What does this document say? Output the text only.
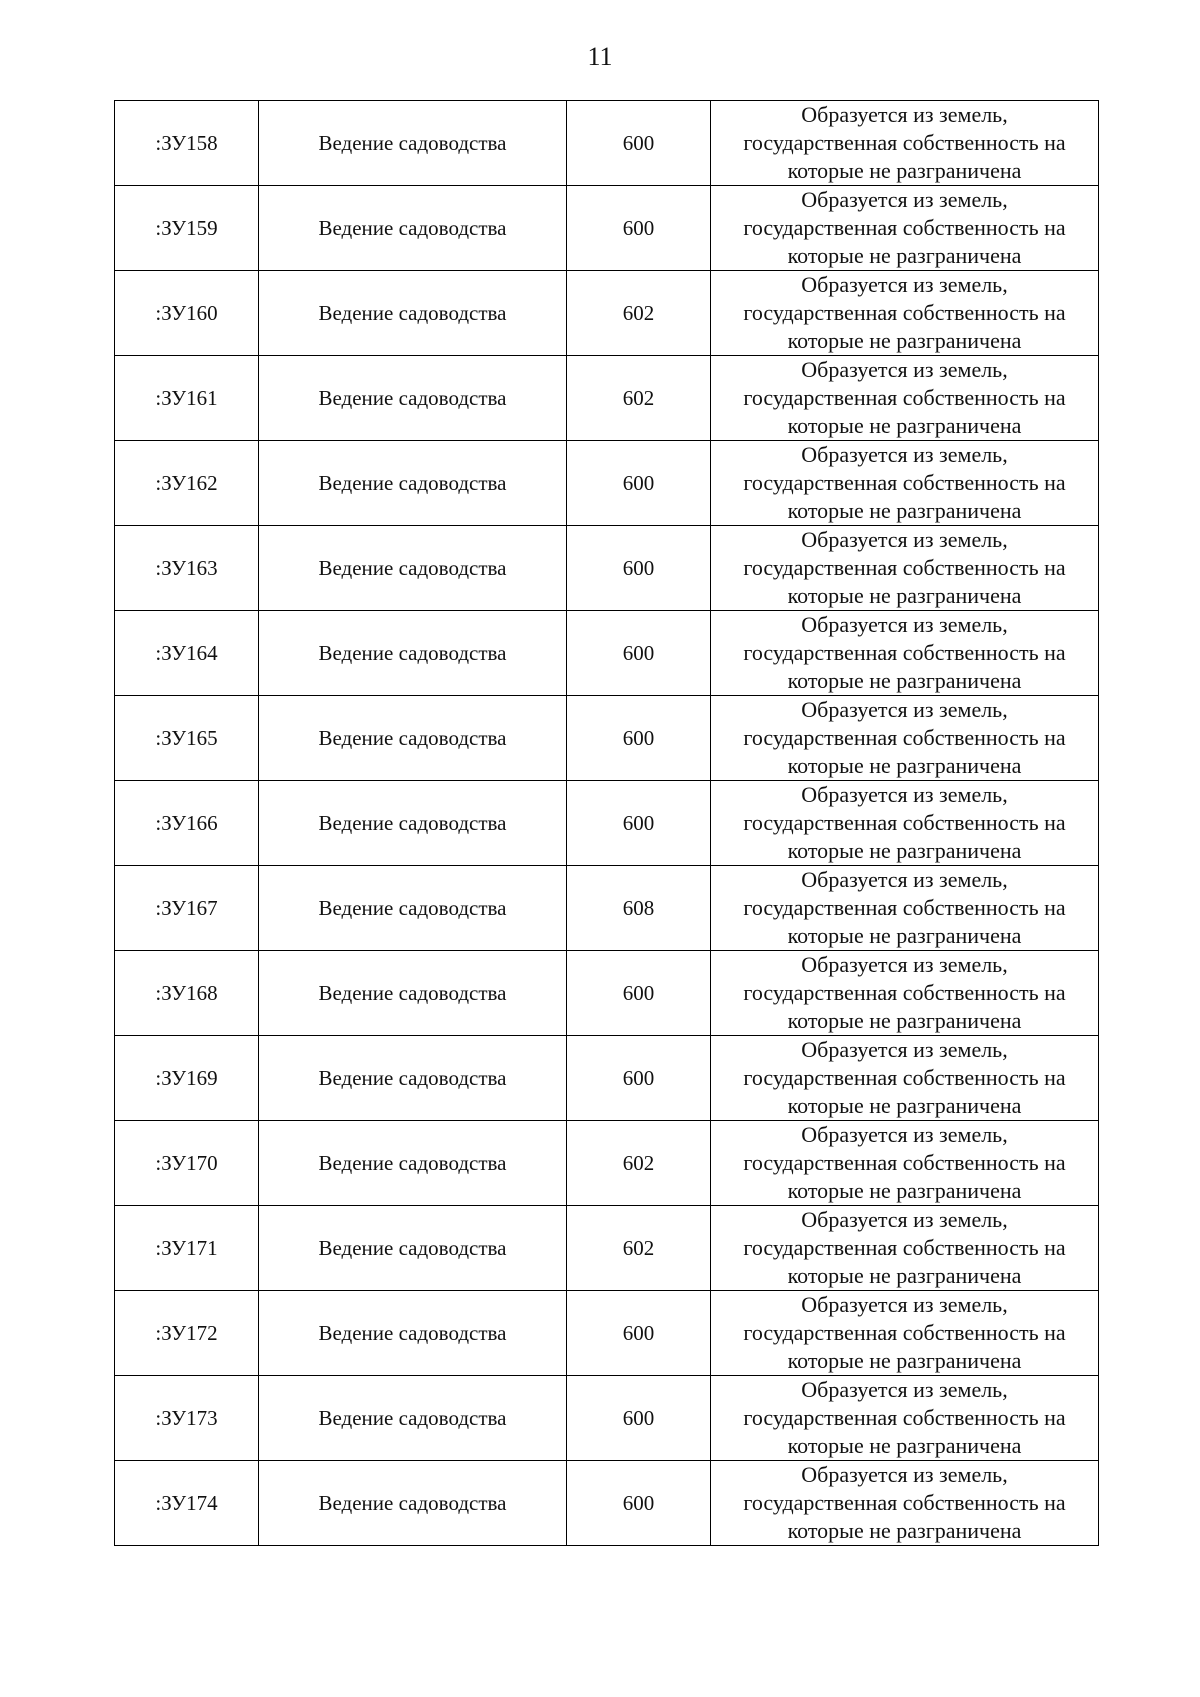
11
:ЗУ158	Ведение садоводства	600	Образуется из земель,
государственная собственность на
которые не разграничена

:ЗУ159	Ведение садоводства	600	Образуется из земель,
государственная собственность на
которые не разграничена

:ЗУ160	Ведение садоводства	602	Образуется из земель,
государственная собственность на
которые не разграничена

:ЗУ161	Ведение садоводства	602	Образуется из земель,
государственная собственность на
которые не разграничена

:ЗУ162	Ведение садоводства	600	Образуется из земель,
государственная собственность на
которые не разграничена

:ЗУ163	Ведение садоводства	600	Образуется из земель,
государственная собственность на
которые не разграничена

:ЗУ164	Ведение садоводства	600	Образуется из земель,
государственная собственность на
которые не разграничена

:ЗУ165	Ведение садоводства	600	Образуется из земель,
государственная собственность на
которые не разграничена

:ЗУ166	Ведение садоводства	600	Образуется из земель,
государственная собственность на
которые не разграничена

:ЗУ167	Ведение садоводства	608	Образуется из земель,
государственная собственность на
которые не разграничена

:ЗУ168	Ведение садоводства	600	Образуется из земель,
государственная собственность на
которые не разграничена

:ЗУ169	Ведение садоводства	600	Образуется из земель,
государственная собственность на
которые не разграничена

:ЗУ170	Ведение садоводства	602	Образуется из земель,
государственная собственность на
которые не разграничена

:ЗУ171	Ведение садоводства	602	Образуется из земель,
государственная собственность на
которые не разграничена

:ЗУ172	Ведение садоводства	600	Образуется из земель,
государственная собственность на
которые не разграничена

:ЗУ173	Ведение садоводства	600	Образуется из земель,
государственная собственность на
которые не разграничена

:ЗУ174	Ведение садоводства	600	Образуется из земель,
государственная собственность на
которые не разграничена
